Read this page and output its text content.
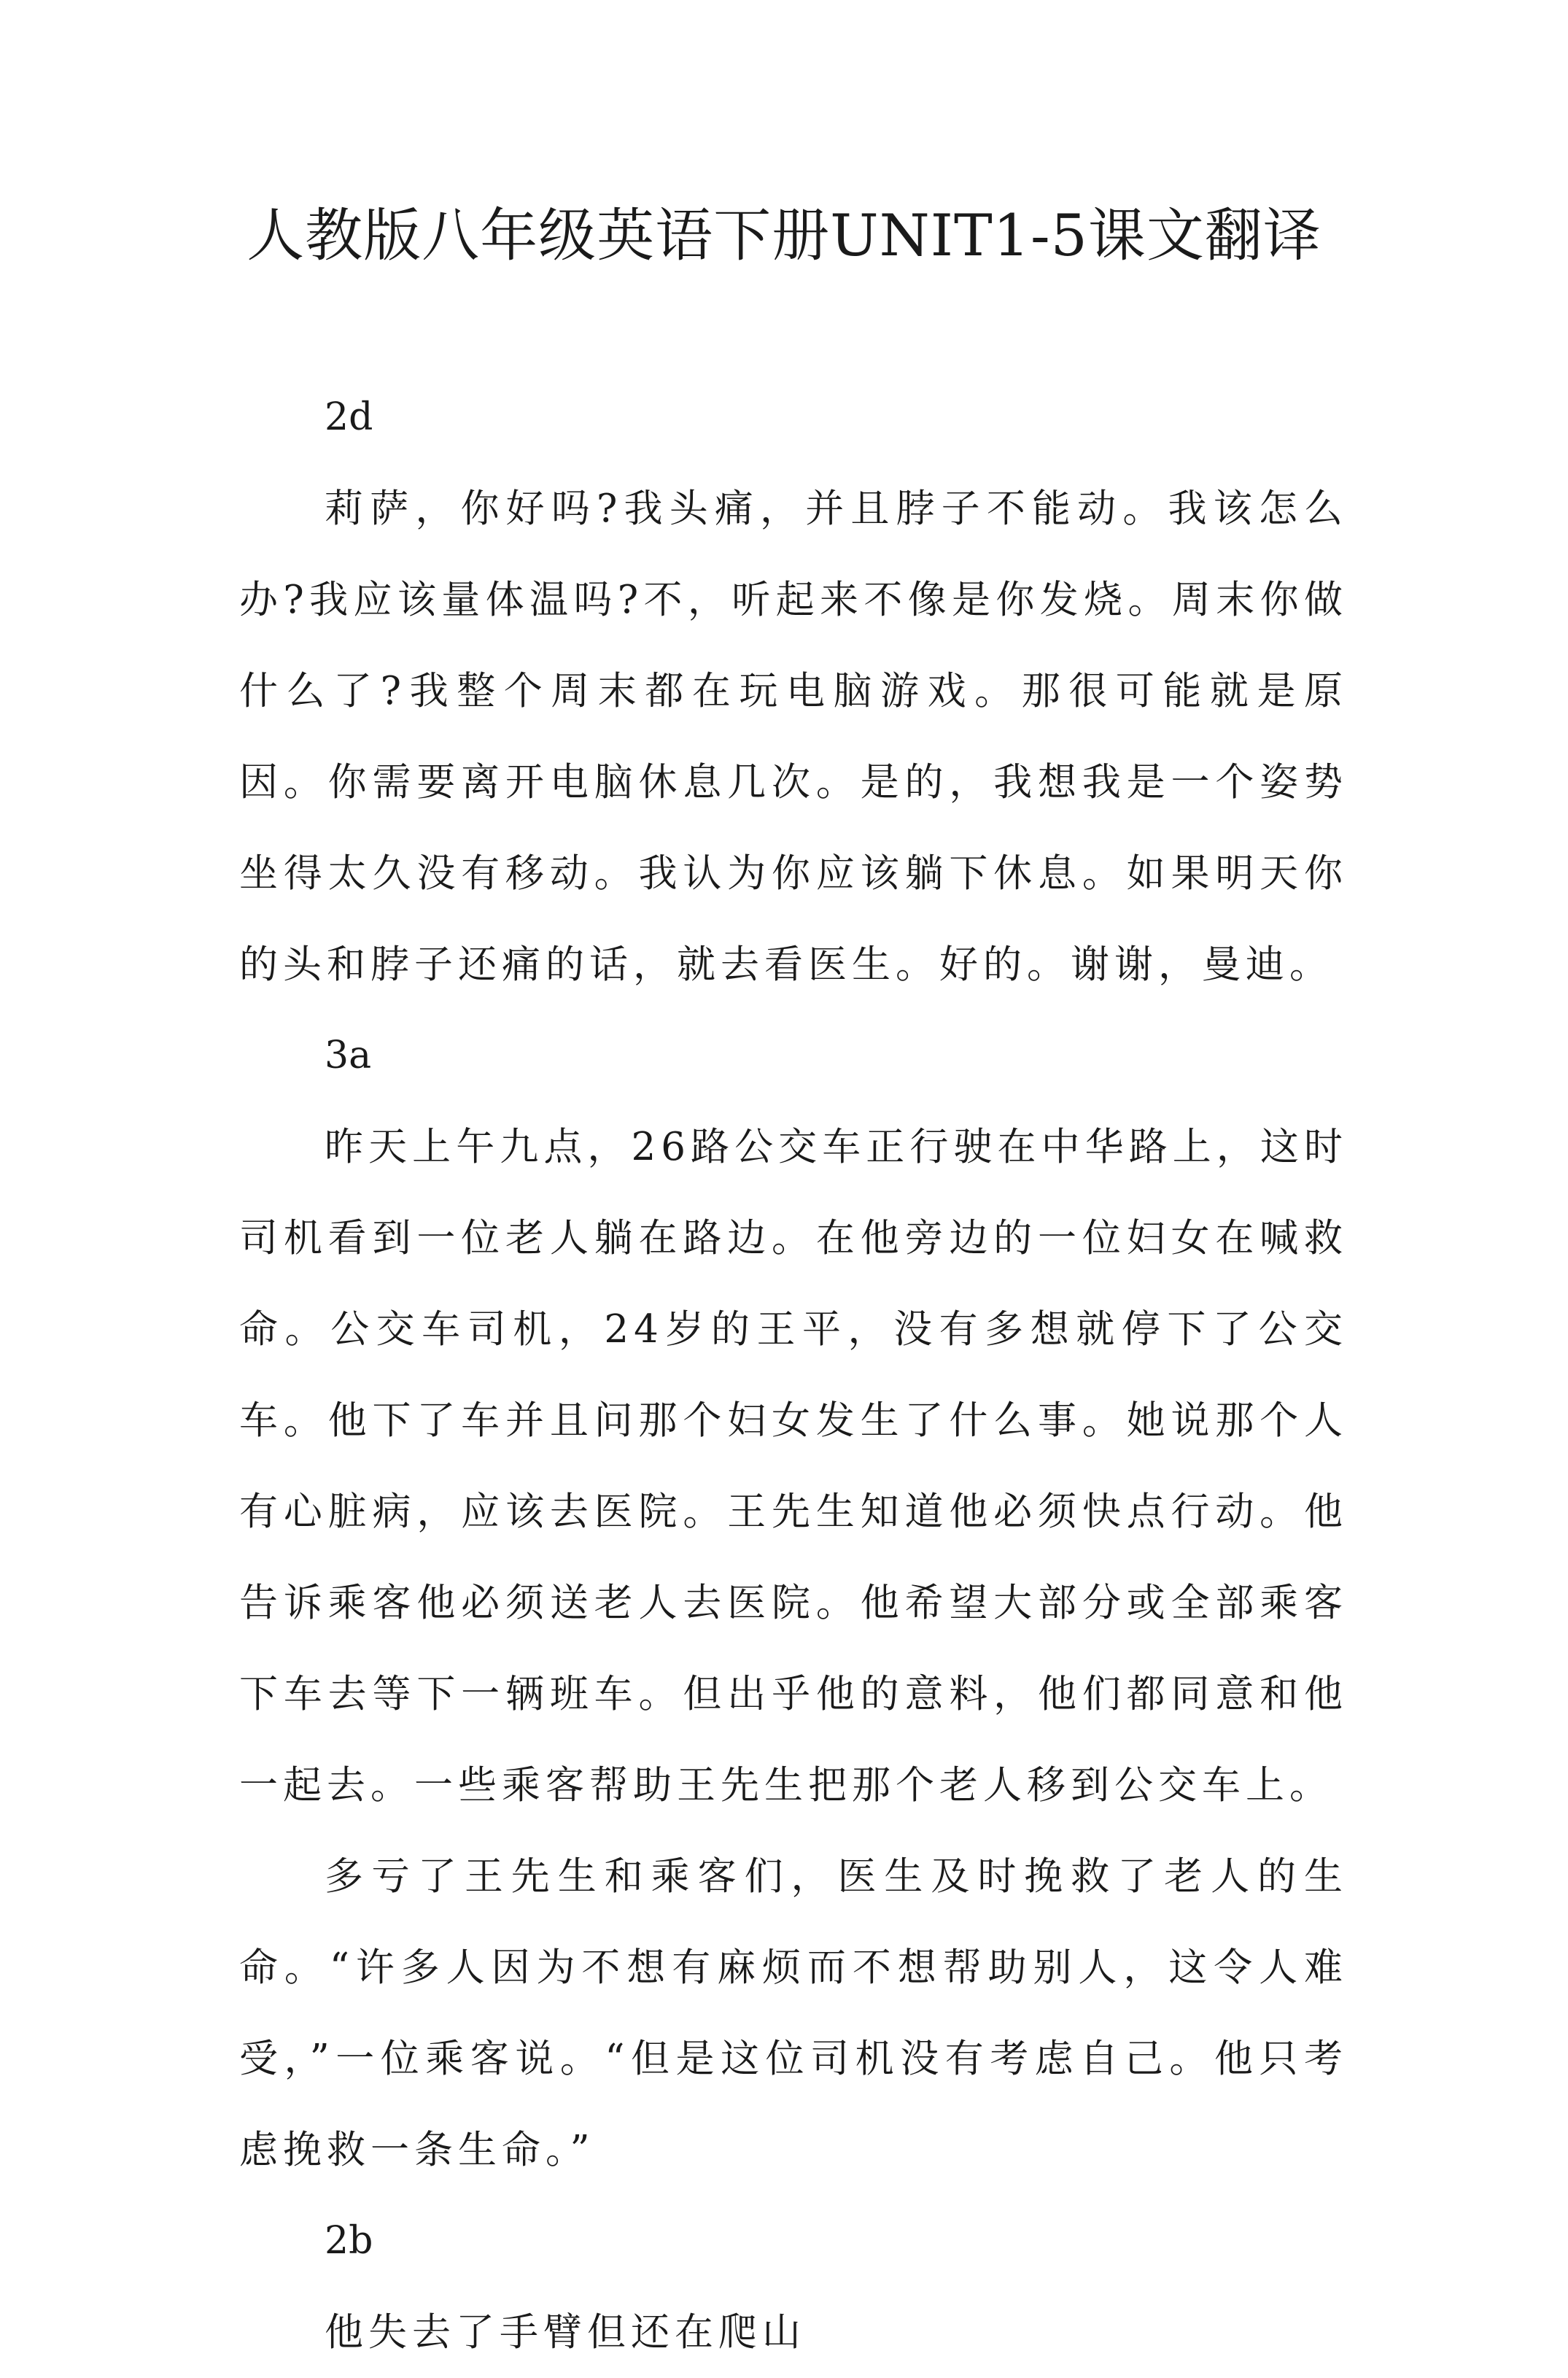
人教版八年级英语下册UNIT1-5课文翻译

2d

莉萨，你好吗?我头痛，并且脖子不能动。我该怎么办?我应该量体温吗?不，听起来不像是你发烧。周末你做什么了?我整个周末都在玩电脑游戏。那很可能就是原因。你需要离开电脑休息几次。是的，我想我是一个姿势坐得太久没有移动。我认为你应该躺下休息。如果明天你的头和脖子还痛的话，就去看医生。好的。谢谢，曼迪。

3a

昨天上午九点，26路公交车正行驶在中华路上，这时司机看到一位老人躺在路边。在他旁边的一位妇女在喊救命。公交车司机，24岁的王平，没有多想就停下了公交车。他下了车并且问那个妇女发生了什么事。她说那个人有心脏病，应该去医院。王先生知道他必须快点行动。他告诉乘客他必须送老人去医院。他希望大部分或全部乘客下车去等下一辆班车。但出乎他的意料，他们都同意和他一起去。一些乘客帮助王先生把那个老人移到公交车上。

多亏了王先生和乘客们，医生及时挽救了老人的生命。“许多人因为不想有麻烦而不想帮助别人，这令人难受，”一位乘客说。“但是这位司机没有考虑自己。他只考虑挽救一条生命。”

2b

他失去了手臂但还在爬山
